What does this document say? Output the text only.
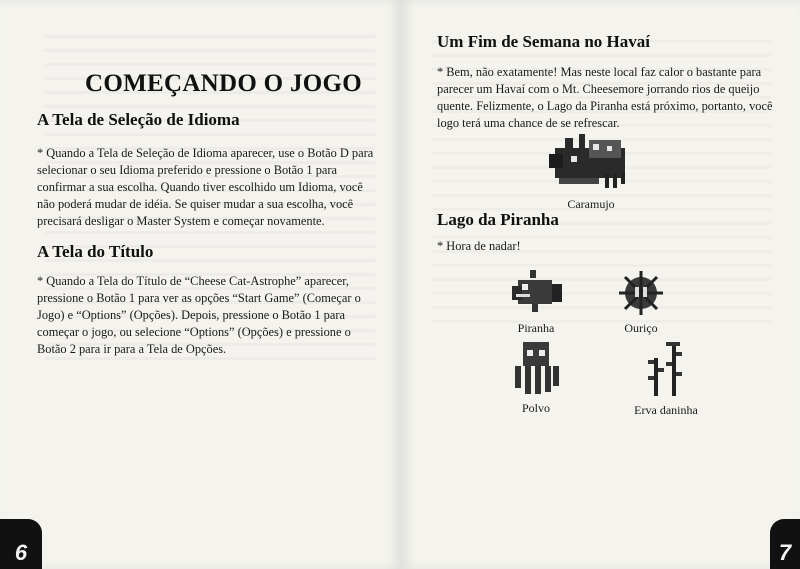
COMEÇANDO O JOGO
A Tela de Seleção de Idioma

* Quando a Tela de Seleção de Idioma aparecer, use o Botão D para selecionar o seu Idioma preferido e pressione o Botão 1 para confirmar a sua escolha. Quando tiver escolhido um Idioma, você não poderá mudar de idéia. Se quiser mudar a sua escolha, você precisará desligar o Master System e começar novamente.

A Tela do Título

* Quando a Tela do Título de “Cheese Cat-Astrophe” aparecer, pressione o Botão 1 para ver as opções “Start Game” (Começar o Jogo) e “Options” (Opções). Depois, pressione o Botão 1 para começar o jogo, ou selecione “Options” (Opções) e pressione o Botão 2 para ir para a Tela de Opções.

6
Um Fim de Semana no Havaí

* Bem, não exatamente! Mas neste local faz calor o bastante para parecer um Havaí com o Mt. Cheesemore jorrando rios de queijo quente. Felizmente, o Lago da Piranha está próximo, portanto, você logo terá uma chance de se refrescar.

Caramujo
Lago da Piranha

* Hora de nadar!

Piranha	Ouriço
Polvo	Erva daninha
7
